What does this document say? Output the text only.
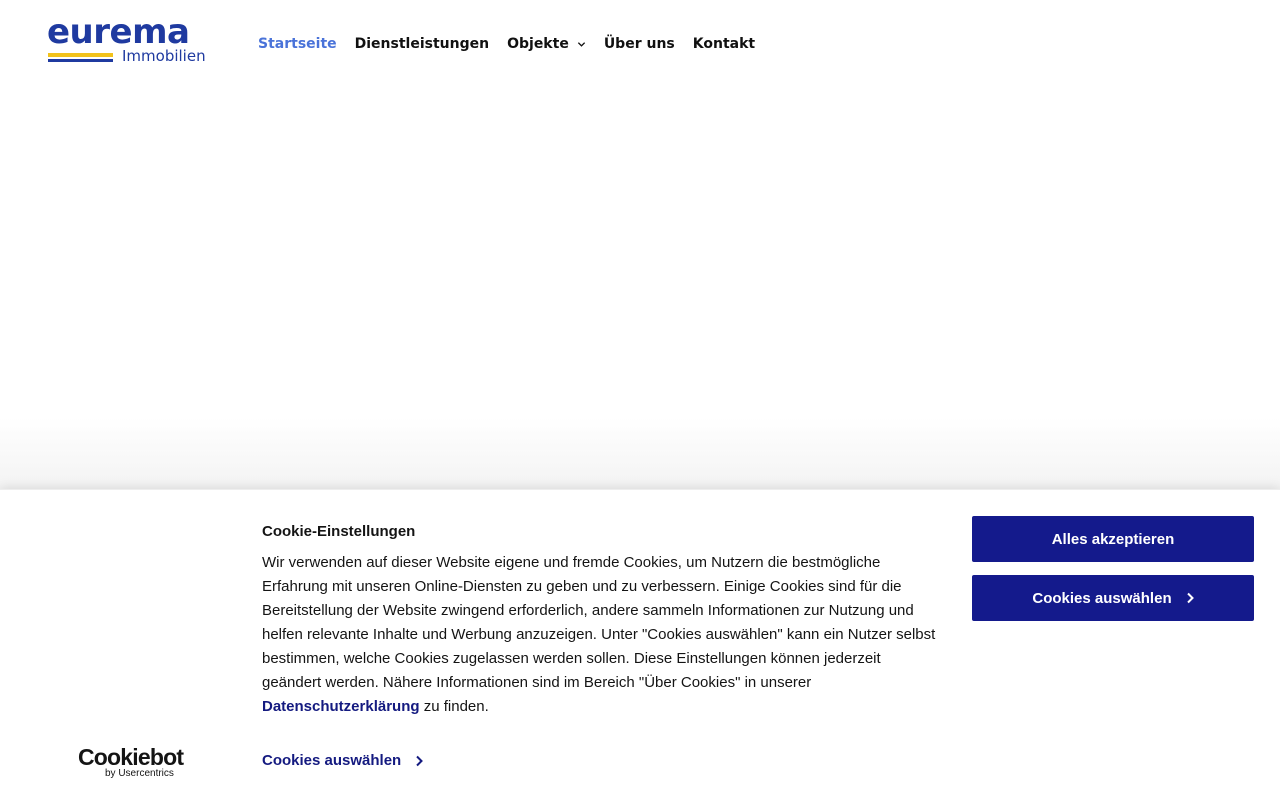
eurema
Immobilien
Startseite Dienstleistungen Objekte	Über uns Kontakt
Cookiebot
by Usercentrics
Cookie-Einstellungen
Wir verwenden auf dieser Website eigene und fremde Cookies, um Nutzern die bestmögliche Erfahrung mit unseren Online-Diensten zu geben und zu verbessern. Einige Cookies sind für die Bereitstellung der Website zwingend erforderlich, andere sammeln Informationen zur Nutzung und helfen relevante Inhalte und Werbung anzuzeigen. Unter "Cookies auswählen" kann ein Nutzer selbst bestimmen, welche Cookies zugelassen werden sollen. Diese Einstellungen können jederzeit geändert werden. Nähere Informationen sind im Bereich "Über Cookies" in unserer Datenschutzerklärung zu finden.
Cookies auswählen
Alles akzeptieren
Cookies auswählen
